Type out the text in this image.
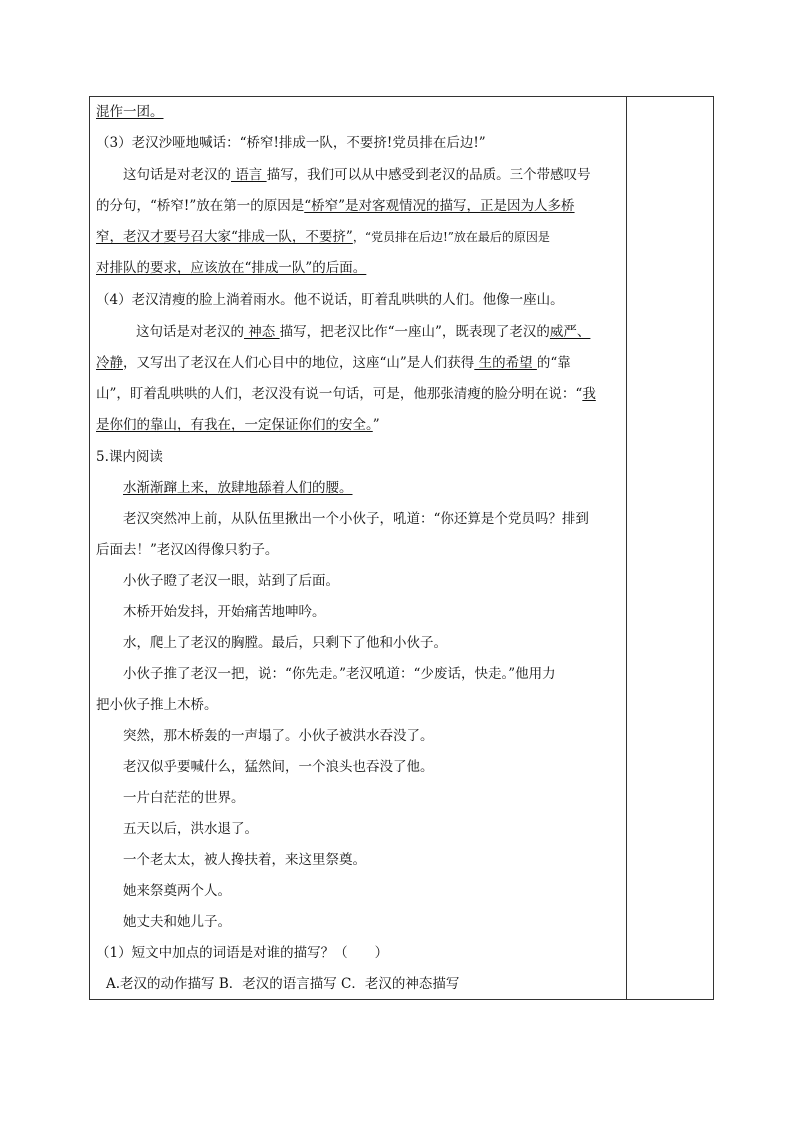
混作一团。
（3）老汉沙哑地喊话：“桥窄!排成一队，不要挤!党员排在后边!”
这句话是对老汉的 语言 描写，我们可以从中感受到老汉的品质。三个带感叹号
的分句，“桥窄!”放在第一的原因是“桥窄”是对客观情况的描写，正是因为人多桥
窄，老汉才要号召大家“排成一队，不要挤”，“党员排在后边!”放在最后的原因是
对排队的要求，应该放在“排成一队”的后面。
（4）老汉清瘦的脸上淌着雨水。他不说话，盯着乱哄哄的人们。他像一座山。
这句话是对老汉的 神态 描写，把老汉比作“一座山”，既表现了老汉的威严、
冷静，又写出了老汉在人们心目中的地位，这座“山”是人们获得 生的希望 的“靠
山”，盯着乱哄哄的人们，老汉没有说一句话，可是，他那张清瘦的脸分明在说：“我
是你们的靠山，有我在，一定保证你们的安全。”
5.课内阅读
水渐渐蹿上来，放肆地舔着人们的腰。
老汉突然冲上前，从队伍里揪出一个小伙子，吼道：“你还算是个党员吗？排到
后面去！”老汉凶得像只豹子。
小伙子瞪了老汉一眼，站到了后面。
木桥开始发抖，开始痛苦地呻吟。
水，爬上了老汉的胸膛。最后，只剩下了他和小伙子。
小伙子推了老汉一把，说：“你先走。”老汉吼道：“少废话，快走。”他用力
把小伙子推上木桥。
突然，那木桥轰的一声塌了。小伙子被洪水吞没了。
老汉似乎要喊什么，猛然间，一个浪头也吞没了他。
一片白茫茫的世界。
五天以后，洪水退了。
一个老太太，被人搀扶着，来这里祭奠。
她来祭奠两个人。
她丈夫和她儿子。
（1）短文中加点的词语是对谁的描写？（　　）
A.老汉的动作描写 B．老汉的语言描写 C．老汉的神态描写
